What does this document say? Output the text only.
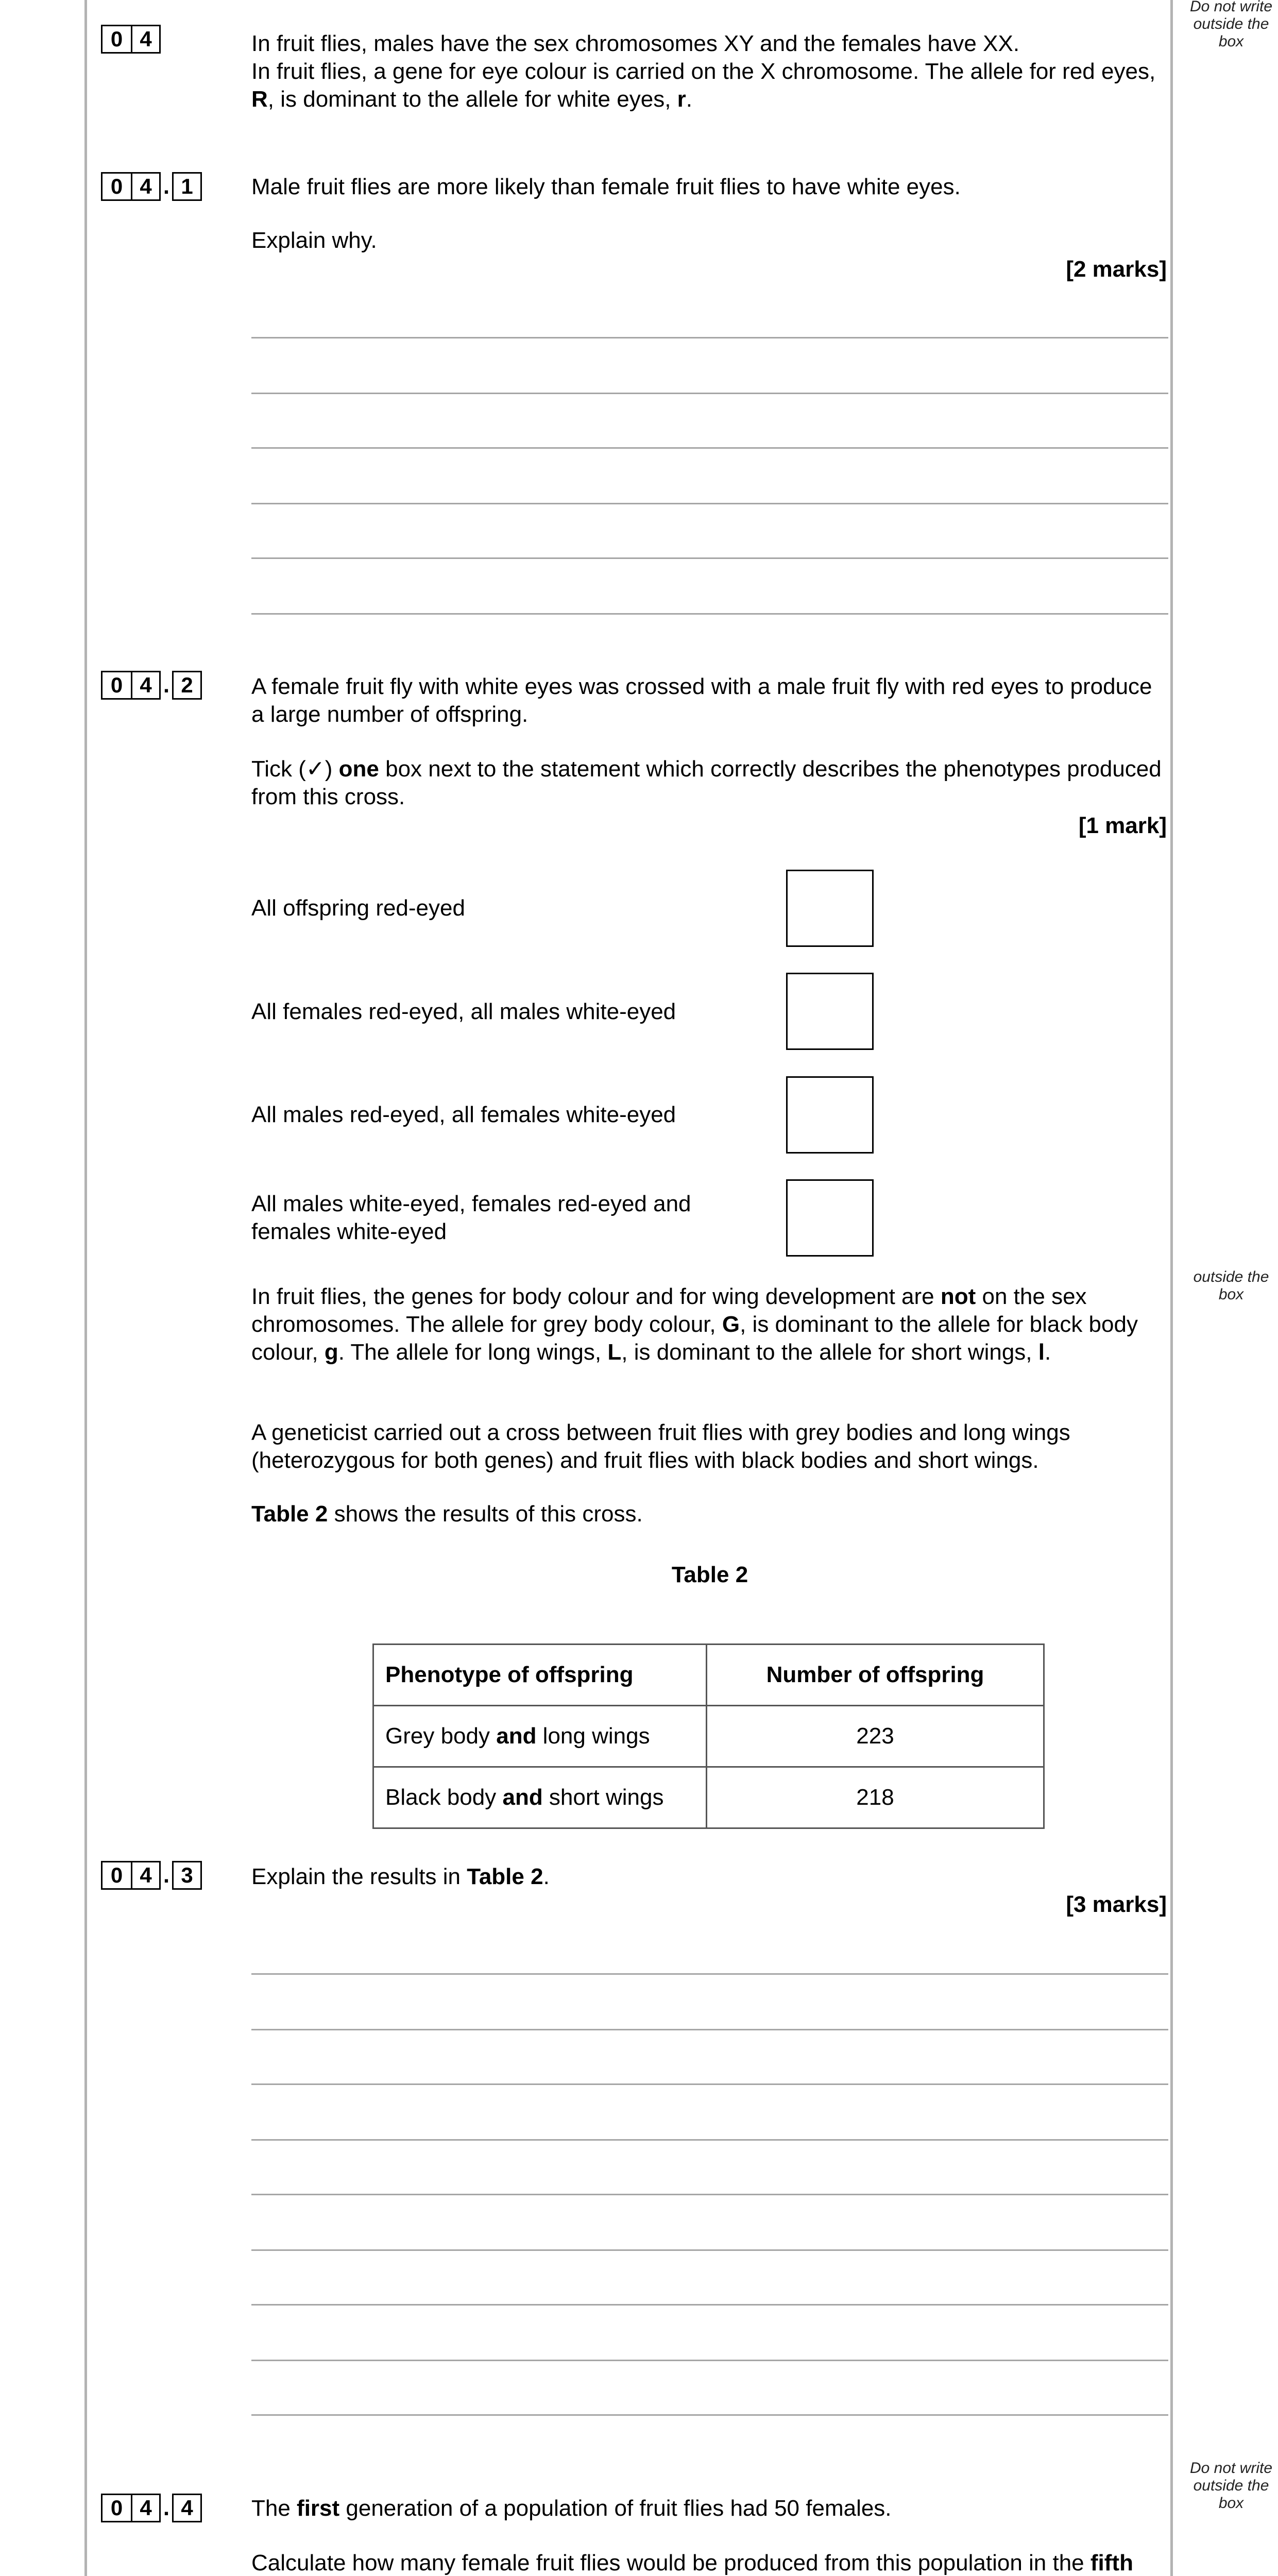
Do not write outside the box
outside the box
Do not write outside the box
0 4	In fruit flies, males have the sex chromosomes XY and the females have XX.

In fruit flies, a gene for eye colour is carried on the X chromosome. The allele for red eyes, R, is dominant to the allele for white eyes, r.

0 4 . 1	Male fruit flies are more likely than female fruit flies to have white eyes.
Explain why.
[2 marks]
0 4 . 2	A female fruit fly with white eyes was crossed with a male fruit fly with red eyes to produce a large number of offspring.
Tick (✓) one box next to the statement which correctly describes the phenotypes produced from this cross.
[1 mark]
All offspring red-eyed
All females red-eyed, all males white-eyed
All males red-eyed, all females white-eyed
All males white-eyed, females red-eyed and females white-eyed
In fruit flies, the genes for body colour and for wing development are not on the sex chromosomes. The allele for grey body colour, G, is dominant to the allele for black body colour, g. The allele for long wings, L, is dominant to the allele for short wings, l.
A geneticist carried out a cross between fruit flies with grey bodies and long wings (heterozygous for both genes) and fruit flies with black bodies and short wings.
Table 2 shows the results of this cross.
Table 2
Phenotype of offspring	Number of offspring
Grey body and long wings	223
Black body and short wings	218
0 4 . 3	Explain the results in Table 2.
[3 marks]
0 4 . 4	The first generation of a population of fruit flies had 50 females.
Calculate how many female fruit flies would be produced from this population in the fifth
